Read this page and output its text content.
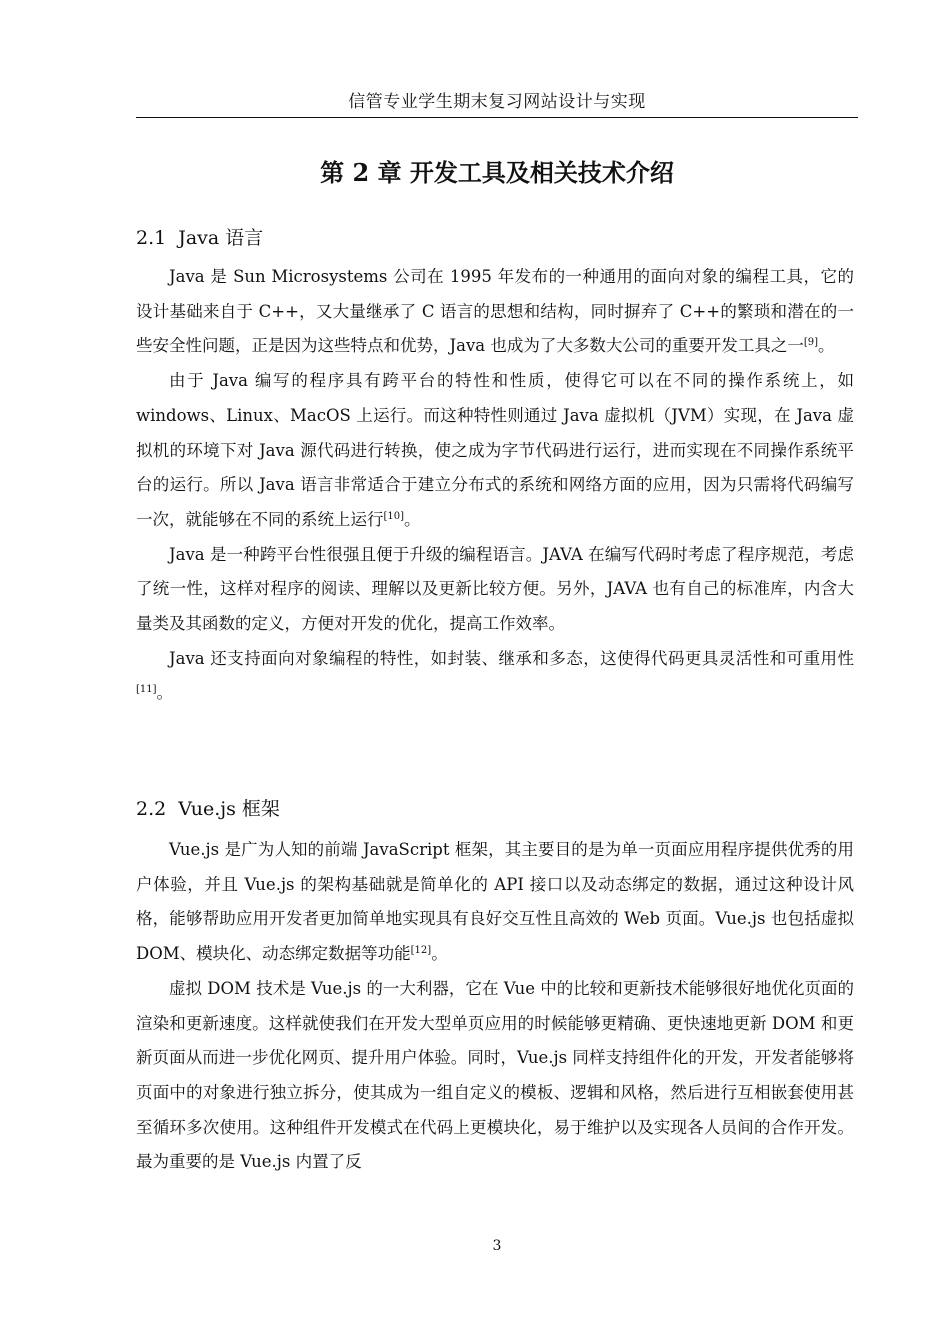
信管专业学生期末复习网站设计与实现
第 2 章 开发工具及相关技术介绍
2.1 Java 语言

Java 是 Sun Microsystems 公司在 1995 年发布的一种通用的面向对象的编程工具，它的设计基础来自于 C++，又大量继承了 C 语言的思想和结构，同时摒弃了 C++的繁琐和潜在的一些安全性问题，正是因为这些特点和优势，Java 也成为了大多数大公司的重要开发工具之一[9]。

由于 Java 编写的程序具有跨平台的特性和性质，使得它可以在不同的操作系统上，如 windows、Linux、MacOS 上运行。而这种特性则通过 Java 虚拟机（JVM）实现，在 Java 虚拟机的环境下对 Java 源代码进行转换，使之成为字节代码进行运行，进而实现在不同操作系统平台的运行。所以 Java 语言非常适合于建立分布式的系统和网络方面的应用，因为只需将代码编写一次，就能够在不同的系统上运行[10]。

Java 是一种跨平台性很强且便于升级的编程语言。JAVA 在编写代码时考虑了程序规范，考虑了统一性，这样对程序的阅读、理解以及更新比较方便。另外，JAVA 也有自己的标准库，内含大量类及其函数的定义，方便对开发的优化，提高工作效率。

Java 还支持面向对象编程的特性，如封装、继承和多态，这使得代码更具灵活性和可重用性[11]。

2.2 Vue.js 框架

Vue.js 是广为人知的前端 JavaScript 框架，其主要目的是为单一页面应用程序提供优秀的用户体验，并且 Vue.js 的架构基础就是简单化的 API 接口以及动态绑定的数据，通过这种设计风格，能够帮助应用开发者更加简单地实现具有良好交互性且高效的 Web 页面。Vue.js 也包括虚拟 DOM、模块化、动态绑定数据等功能[12]。

虚拟 DOM 技术是 Vue.js 的一大利器，它在 Vue 中的比较和更新技术能够很好地优化页面的渲染和更新速度。这样就使我们在开发大型单页应用的时候能够更精确、更快速地更新 DOM 和更新页面从而进一步优化网页、提升用户体验。同时，Vue.js 同样支持组件化的开发，开发者能够将页面中的对象进行独立拆分，使其成为一组自定义的模板、逻辑和风格，然后进行互相嵌套使用甚至循环多次使用。这种组件开发模式在代码上更模块化，易于维护以及实现各人员间的合作开发。最为重要的是 Vue.js 内置了反

3
